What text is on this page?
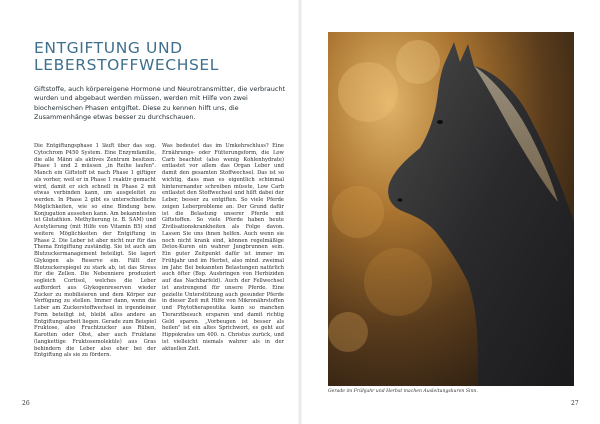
ENTGIFTUNG UND
LEBERSTOFFWECHSEL

Giftstoffe, auch körpereigene Hormone und Neurotransmitter, die verbraucht wurden und abgebaut werden müssen, werden mit Hilfe von zwei biochemischen Phasen entgiftet. Diese zu kennen hilft uns, die Zusammenhänge etwas besser zu durchschauen.

Die Entgiftungsphase 1 läuft über das sog. Cytochrom P450 System. Eine Enzymfamilie, die alle Männ als aktives Zentrum besitzen. Phase 1 und 2 müssen „in Reihe laufen". Manch ein Giftstoff ist nach Phase 1 giftiger als vorher, weil er in Phase 1 reaktiv gemacht wird, damit er sich schnell in Phase 2 mit etwas verbinden kann, um ausgeleitet zu werden. In Phase 2 gibt es unterschiedliche Möglichkeiten, wie so eine Bindung bew. Konjugation aussehen kann. Am bekanntesten ist Glutathion. Methylierung (z. B. SAM) und Acetylierung (mit Hilfe von Vitamin B5) sind weitere Möglichkeiten der Entgiftung in Phase 2. Die Leber ist aber nicht nur für das Thema Entgiftung zuständig. Sie ist auch am Blutzuckermanagement beteiligt. Sie lagert Glykogen als Reserve ein. Fällt der Blutzuckerspiegel zu stark ab, ist das Stress für die Zellen. Die Nebenniere produziert sogleich Cortisol, welches die Leber auffordert aus Glykogenreserven wieder Zucker zu mobilisieren und dem Körper zur Verfügung zu stellen. Immer dann, wenn die Leber am Zuckerstoffwechsel in irgendeiner Form beteiligt ist, bleibt alles andere an Entgiftungsarbeit liegen. Gerade zum Beispiel Fruktose, also Fruchtzucker aus Rüben, Karotten oder Obst, aber auch Fruktane (langkettige Fruktosemoleküle) aus Gras behindern die Leber also eher bei der Entgiftung als sie zu fördern.

Was bedeutet das im Umkehrschluss? Eine Ernährungs- oder Fütterungsform, die Low Carb beachtet (also wenig Kohlenhydrate) entlastet vor allem das Organ Leber und damit den gesamten Stoffwechsel. Das ist so wichtig, dass man es eigentlich schimmal hinterernander schreiben müsste, Low Carb entlastet den Stoffwechsel und hilft dabei der Leber, besser zu entgiften. So viele Pferde zeigen Leberprobleme an. Der Grund dafür ist die Belastung unserer Pferde mit Giftstoffen. So viele Pferde haben heute Zivilisationskrankheiten als Folge davon. Lassen Sie uns ihnen helfen. Auch wenn sie noch nicht krank sind, können regelmäßige Detox-Kuren ein wahrer Jungbrunnen sein. Ein guter Zeitpunkt dafür ist immer im Frühjahr und im Herbst, also mind. zweimal im Jahr. Bei bekannten Belastungen natürlich auch öfter (Bsp. Ausbringen von Herbiziden auf das Nachbarfeld). Auch der Fellwechsel ist anstrengend für unsere Pferde. Eine gezielte Unterstützung auch gesunder Pferde in dieser Zeit mit Hilfe von Mikronährstoffen und Phytotherapeutika kann so manchen Tierarztbesuch ersparen und damit richtig Geld sparen. „Vorbeugen ist besser als heilen" ist ein altes Sprichwort, es geht auf Hippokrates um 400. n. Christus zurück, und ist vielleicht niemals wahrer als in der aktuellen Zeit.

26

Gerade im Frühjahr und Herbst machen Ausleitungskuren Sinn.

27
